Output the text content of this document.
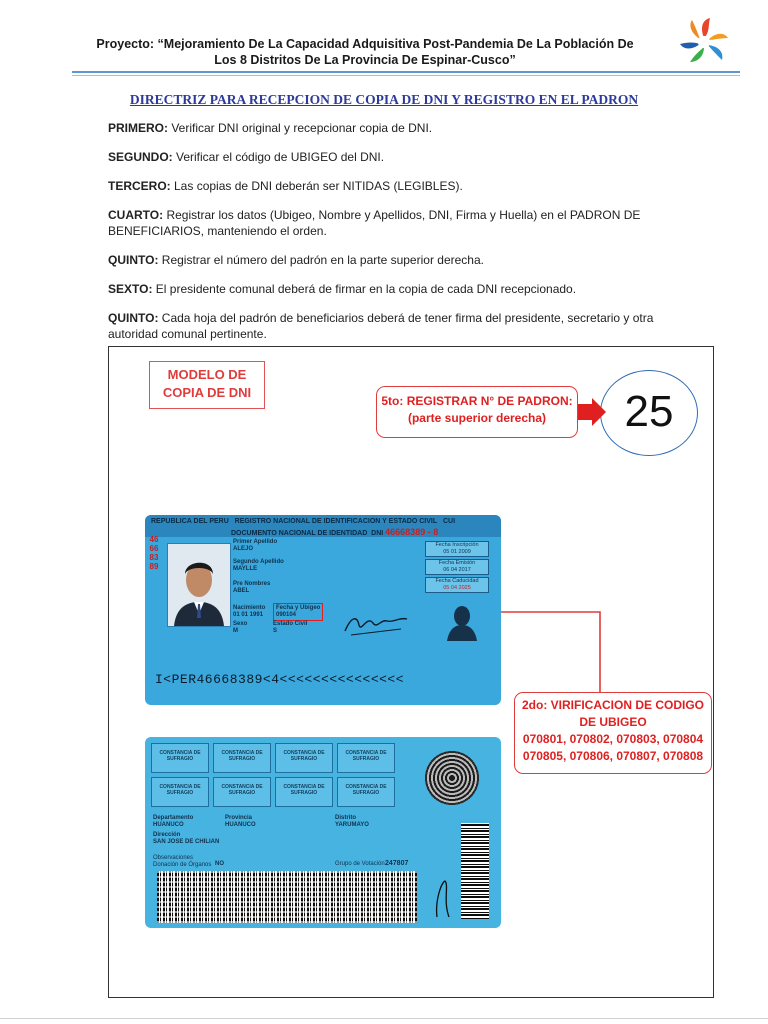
Proyecto: “Mejoramiento De La Capacidad Adquisitiva Post-Pandemia De La Población De
Los 8 Distritos De La Provincia De Espinar-Cusco”
DIRECTRIZ PARA RECEPCION DE COPIA DE DNI Y REGISTRO EN EL PADRON
PRIMERO: Verificar DNI original y recepcionar copia de DNI.
SEGUNDO: Verificar el código de UBIGEO del DNI.
TERCERO: Las copias de DNI deberán ser NITIDAS (LEGIBLES).
CUARTO: Registrar los datos (Ubigeo, Nombre y Apellidos, DNI, Firma y Huella) en el PADRON DE BENEFICIARIOS, manteniendo el orden.
QUINTO: Registrar el número del padrón en la parte superior derecha.
SEXTO: El presidente comunal deberá de firmar en la copia de cada DNI recepcionado.
QUINTO: Cada hoja del padrón de beneficiarios deberá de tener firma del presidente, secretario y otra autoridad comunal pertinente.
MODELO DE
COPIA DE DNI
5to: REGISTRAR N° DE PADRON:
(parte superior derecha)	25
REPUBLICA DEL PERU REGISTRO NACIONAL DE IDENTIFICACION Y ESTADO CIVIL CUI
DOCUMENTO NACIONAL DE IDENTIDAD DNI 46668389 - 8
46668389
Primer Apellido
ALEJO
Segundo Apellido
MAYLLE
Pre Nombres
ABEL
Nacimiento
01 01 1991
Fecha y Ubigeo
090104
Sexo
M
Estado Civil
S
Fecha Inscripción
05 01 2009
Fecha Emisión
06 04 2017
Fecha Caducidad
05 04 2025

I<PER46668389<4<<<<<<<<<<<<<<<

CONSTANCIA DE SUFRAGIO
CONSTANCIA DE SUFRAGIO
CONSTANCIA DE SUFRAGIO
CONSTANCIA DE SUFRAGIO
CONSTANCIA DE SUFRAGIO
CONSTANCIA DE SUFRAGIO
CONSTANCIA DE SUFRAGIO
CONSTANCIA DE SUFRAGIO
Departamento
HUANUCO
Provincia
HUANUCO
Distrito
YARUMAYO
Dirección
SAN JOSE DE CHILIAN
Observaciones
Donación de Órganos NO	Grupo de Votación 247807
2do: VIRIFICACION DE CODIGO
DE UBIGEO
070801, 070802, 070803, 070804
070805, 070806, 070807, 070808
